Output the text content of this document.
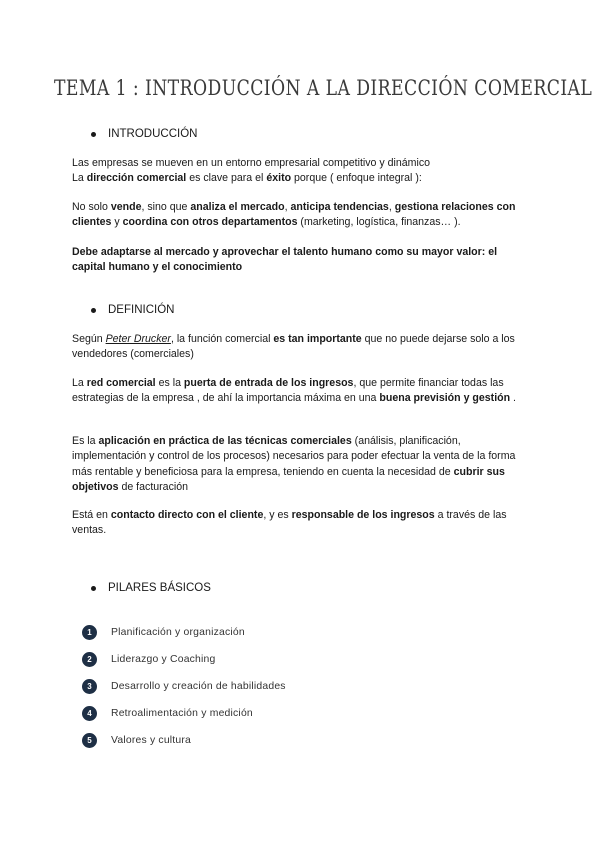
TEMA 1 : INTRODUCCIÓN A LA DIRECCIÓN COMERCIAL
INTRODUCCIÓN
Las empresas se mueven en un entorno empresarial competitivo y dinámico
La dirección comercial es clave para el éxito porque ( enfoque integral ):
No solo vende, sino que analiza el mercado, anticipa tendencias, gestiona relaciones con clientes y coordina con otros departamentos (marketing, logística, finanzas… ).
Debe adaptarse al mercado y aprovechar el talento humano como su mayor valor: el capital humano y el conocimiento
DEFINICIÓN
Según Peter Drucker, la función comercial es tan importante que no puede dejarse solo a los vendedores (comerciales)
La red comercial es la puerta de entrada de los ingresos, que permite financiar todas las estrategias de la empresa , de ahí la importancia máxima en una buena previsión y gestión .
Es la aplicación en práctica de las técnicas comerciales (análisis, planificación, implementación y control de los procesos) necesarios para poder efectuar la venta de la forma más rentable y beneficiosa para la empresa, teniendo en cuenta la necesidad de cubrir sus objetivos de facturación
Está en contacto directo con el cliente, y es responsable de los ingresos a través de las ventas.
PILARES BÁSICOS
1	Planificación y organización
2	Liderazgo y Coaching
3	Desarrollo y creación de habilidades
4	Retroalimentación y medición
5	Valores y cultura
